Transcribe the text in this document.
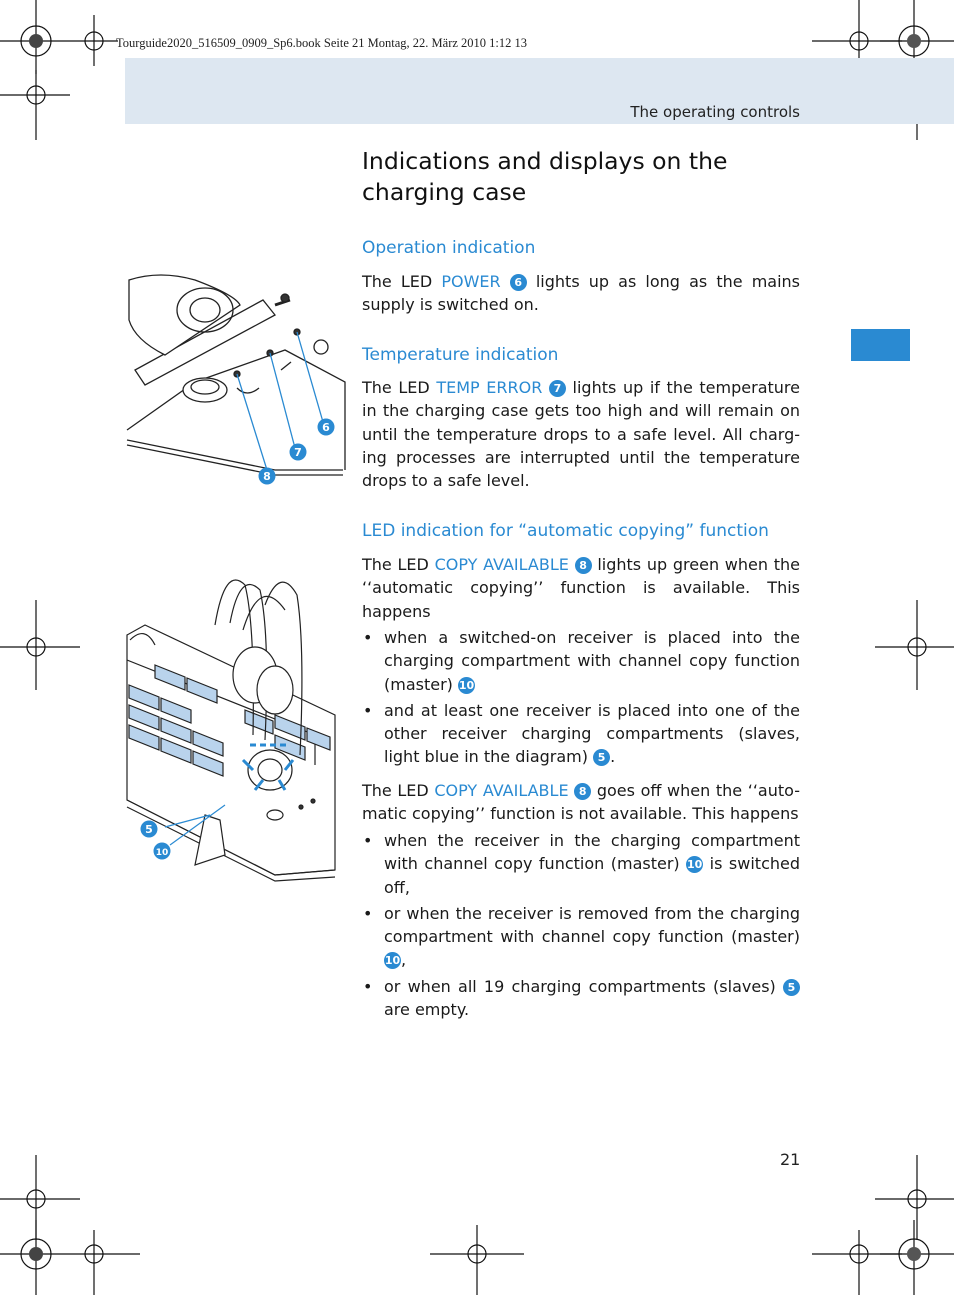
Tourguide2020_516509_0909_Sp6.book Seite 21 Montag, 22. März 2010 1:12 13
The operating controls
Indications and displays on the charging case
Operation indication

The LED POWER 6 lights up as long as the mains supply is switched on.

Temperature indication

The LED TEMP ERROR 7 lights up if the temperature in the charging case gets too high and will remain on until the temperature drops to a safe level. All charg-ing processes are interrupted until the temperature drops to a safe level.

LED indication for “automatic copying” function

The LED COPY AVAILABLE 8 lights up green when the ‘‘automatic copying’’ function is available. This happens

• when a switched-on receiver is placed into the charging compartment with channel copy function (master) 10
• and at least one receiver is placed into one of the other receiver charging compartments (slaves, light blue in the diagram) 5 .

The LED COPY AVAILABLE 8 goes off when the ‘‘auto-matic copying’’ function is not available. This happens

• when the receiver in the charging compartment with channel copy function (master) 10 is switched off,
• or when the receiver is removed from the charging compartment with channel copy function (master) 10,
• or when all 19 charging compartments (slaves) 5 are empty.
6
7
8
5
10
21
